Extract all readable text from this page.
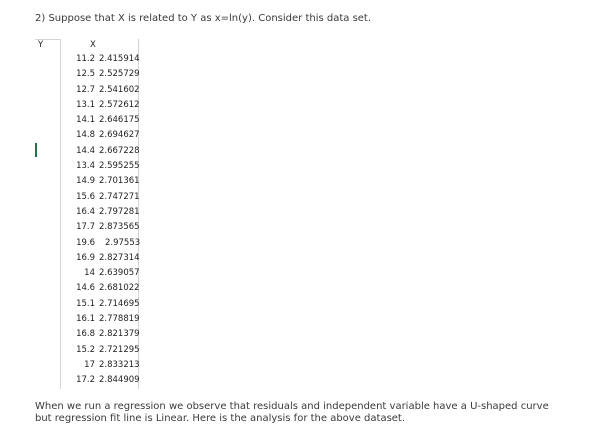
2) Suppose that X is related to Y as x=ln(y). Consider this data set.
Y	X
11.2 2.415914
12.5 2.525729
12.7 2.541602
13.1 2.572612
14.1 2.646175
14.8 2.694627
14.4 2.667228
13.4 2.595255
14.9 2.701361
15.6 2.747271
16.4 2.797281
17.7 2.873565
19.6 2.97553
16.9 2.827314
14 2.639057
14.6 2.681022
15.1 2.714695
16.1 2.778819
16.8 2.821379
15.2 2.721295
17 2.833213
17.2 2.844909
When we run a regression we observe that residuals and independent variable have a U-shaped curve but regression fit line is Linear. Here is the analysis for the above dataset.
